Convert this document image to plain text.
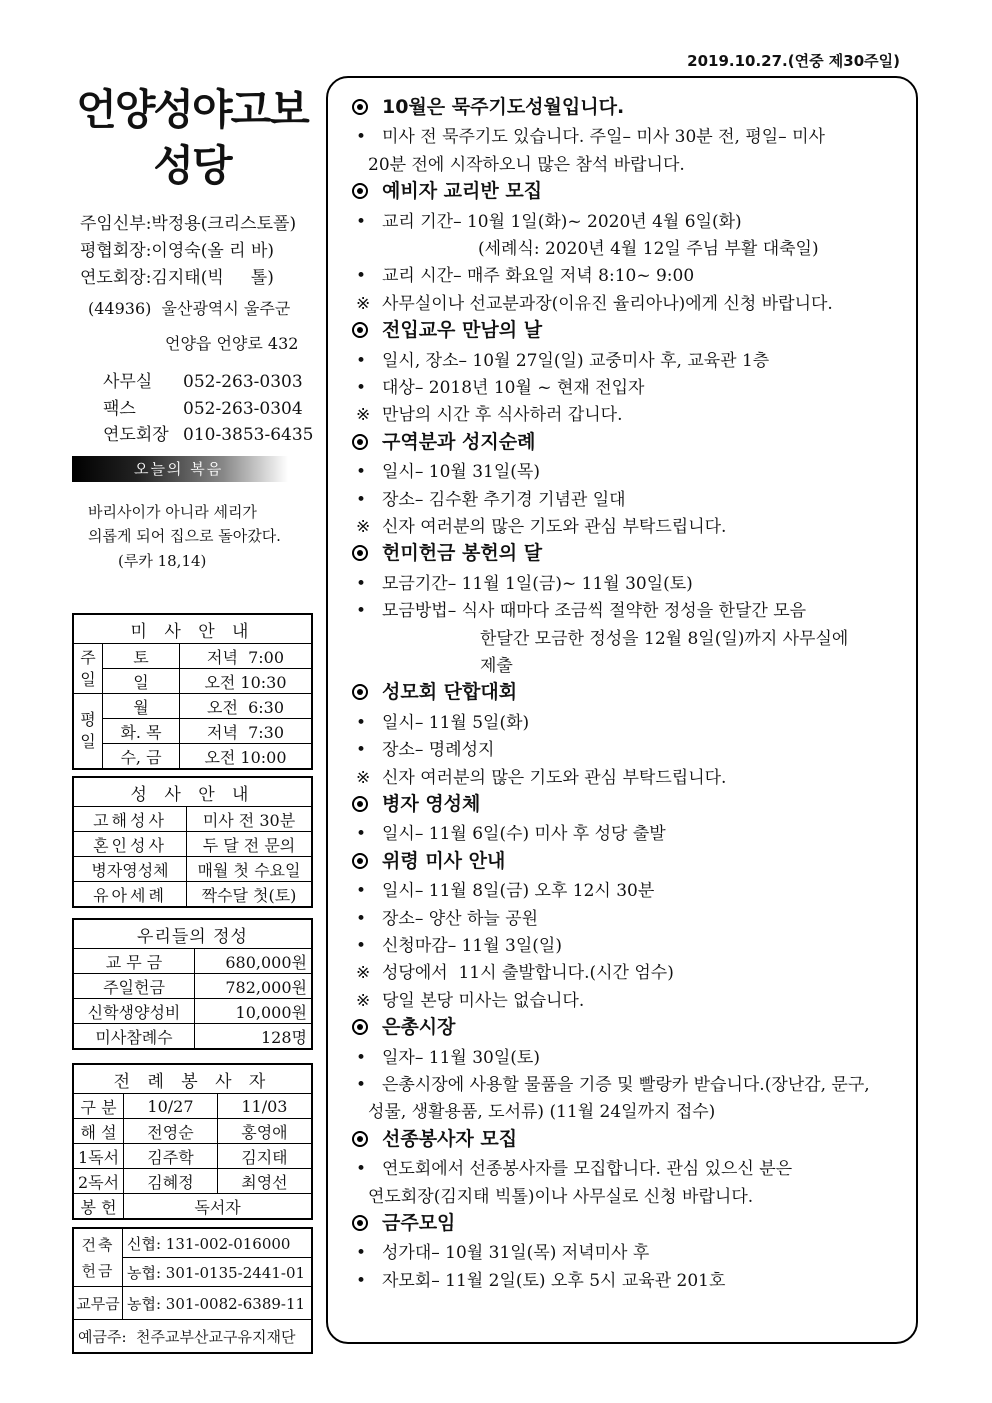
2019.10.27.(연중 제30주일)
언양성야고보
성당
주임신부:박정용(크리스토폴)
평협회장:이영숙(올 리 바)
연도회장:김지태(빅     톨)
(44936)  울산광역시 울주군
언양읍 언양로 432
사무실 052-263-0303
팩스	052-263-0304
연도회장 010-3853-6435
오늘의 복음
바리사이가 아니라 세리가
의롭게 되어 집으로 돌아갔다.
(루카 18,14)
미 사 안 내		
주일	토	저녁  7:00
	일	오전 10:30
평일	월	오전  6:30
	화. 목	저녁  7:30
	수, 금	오전 10:00
성 사 안 내	
고해성사	미사 전 30분
혼인성사	두 달 전 문의
병자영성체	매월 첫 수요일
유아세례	짝수달 첫(토)
우리들의 정성	
교 무 금	680,000원
주일헌금	782,000원
신학생양성비	10,000원
미사참례수	128명
전 례 봉 사 자		
구 분	10/27	11/03
해 설	전영순	홍영애
1독서	김주학	김지태
2독서	김혜정	최영선
봉 헌	독서자	
건축
헌금	신협: 131-002-016000
	농협: 301-0135-2441-01
교무금	농협: 301-0082-6389-11
예금주:  천주교부산교구유지재단	
10월은 묵주기도성월입니다.
• 미사 전 묵주기도 있습니다. 주일– 미사 30분 전, 평일– 미사
20분 전에 시작하오니 많은 참석 바랍니다.
예비자 교리반 모집
• 교리 기간– 10월 1일(화)~ 2020년 4월 6일(화)
(세례식: 2020년 4월 12일 주님 부활 대축일)
• 교리 시간– 매주 화요일 저녁 8:10~ 9:00
※ 사무실이나 선교분과장(이유진 율리아나)에게 신청 바랍니다.
전입교우 만남의 날
• 일시, 장소– 10월 27일(일) 교중미사 후, 교육관 1층
• 대상– 2018년 10월 ~ 현재 전입자
※ 만남의 시간 후 식사하러 갑니다.
구역분과 성지순례
• 일시– 10월 31일(목)
• 장소– 김수환 추기경 기념관 일대
※ 신자 여러분의 많은 기도와 관심 부탁드립니다.
헌미헌금 봉헌의 달
• 모금기간– 11월 1일(금)~ 11월 30일(토)
• 모금방법– 식사 때마다 조금씩 절약한 정성을 한달간 모음
한달간 모금한 정성을 12월 8일(일)까지 사무실에
제출
성모회 단합대회
• 일시– 11월 5일(화)
• 장소– 명례성지
※ 신자 여러분의 많은 기도와 관심 부탁드립니다.
병자 영성체
• 일시– 11월 6일(수) 미사 후 성당 출발
위령 미사 안내
• 일시– 11월 8일(금) 오후 12시 30분
• 장소– 양산 하늘 공원
• 신청마감– 11월 3일(일)
※ 성당에서  11시 출발합니다.(시간 엄수)
※ 당일 본당 미사는 없습니다.
은총시장
• 일자– 11월 30일(토)
• 은총시장에 사용할 물품을 기증 및 빨랑카 받습니다.(장난감, 문구,
성물, 생활용품, 도서류) (11월 24일까지 접수)
선종봉사자 모집
• 연도회에서 선종봉사자를 모집합니다. 관심 있으신 분은
연도회장(김지태 빅톨)이나 사무실로 신청 바랍니다.
금주모임
• 성가대– 10월 31일(목) 저녁미사 후
• 자모회– 11월 2일(토) 오후 5시 교육관 201호
